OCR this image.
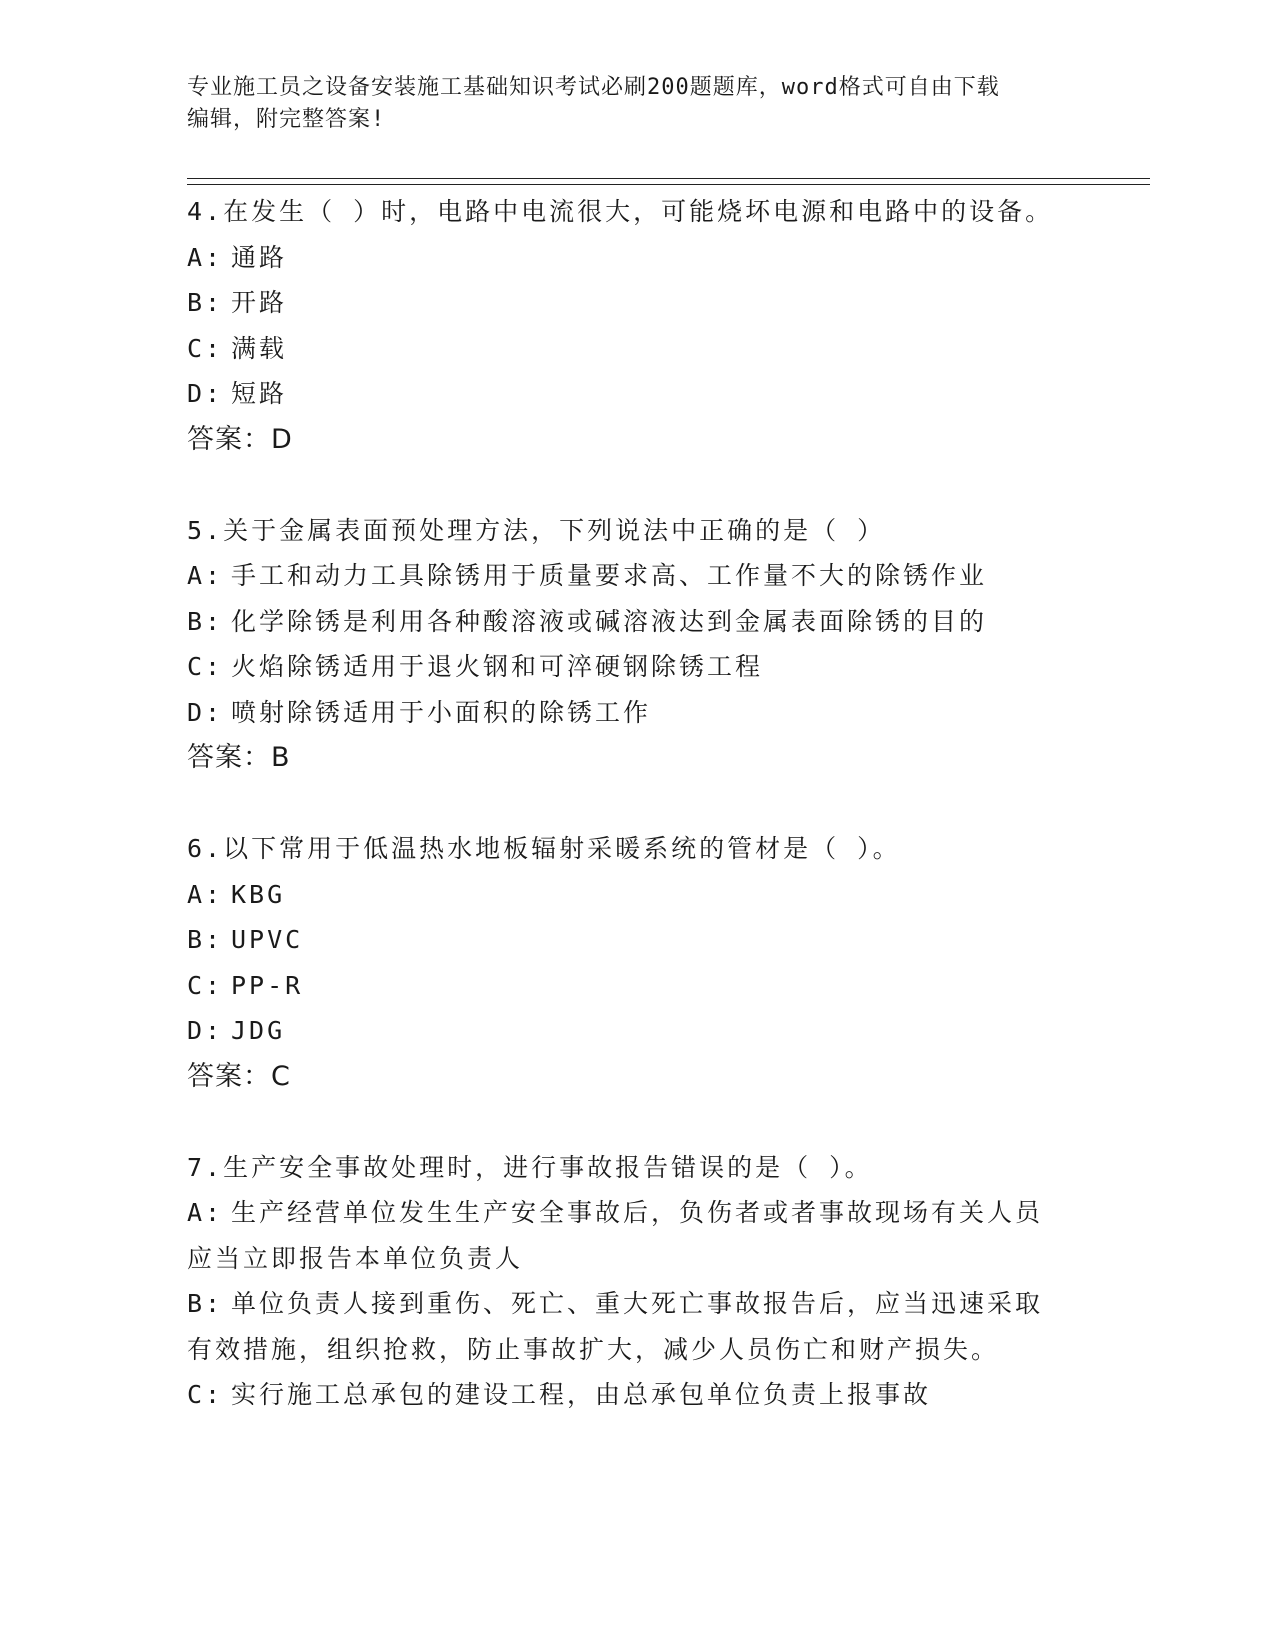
专业施工员之设备安装施工基础知识考试必刷200题题库，word格式可自由下载
编辑，附完整答案!
4.在发生（ ）时，电路中电流很大，可能烧坏电源和电路中的设备。
A: 通路
B: 开路
C: 满载
D: 短路
答案：D
5.关于金属表面预处理方法，下列说法中正确的是（ ）
A: 手工和动力工具除锈用于质量要求高、工作量不大的除锈作业
B: 化学除锈是利用各种酸溶液或碱溶液达到金属表面除锈的目的
C: 火焰除锈适用于退火钢和可淬硬钢除锈工程
D: 喷射除锈适用于小面积的除锈工作
答案：B
6.以下常用于低温热水地板辐射采暖系统的管材是（ ）。
A: KBG
B: UPVC
C: PP-R
D: JDG
答案：C
7.生产安全事故处理时，进行事故报告错误的是（ ）。
A: 生产经营单位发生生产安全事故后，负伤者或者事故现场有关人员
应当立即报告本单位负责人
B: 单位负责人接到重伤、死亡、重大死亡事故报告后，应当迅速采取
有效措施，组织抢救，防止事故扩大，减少人员伤亡和财产损失。
C: 实行施工总承包的建设工程，由总承包单位负责上报事故
